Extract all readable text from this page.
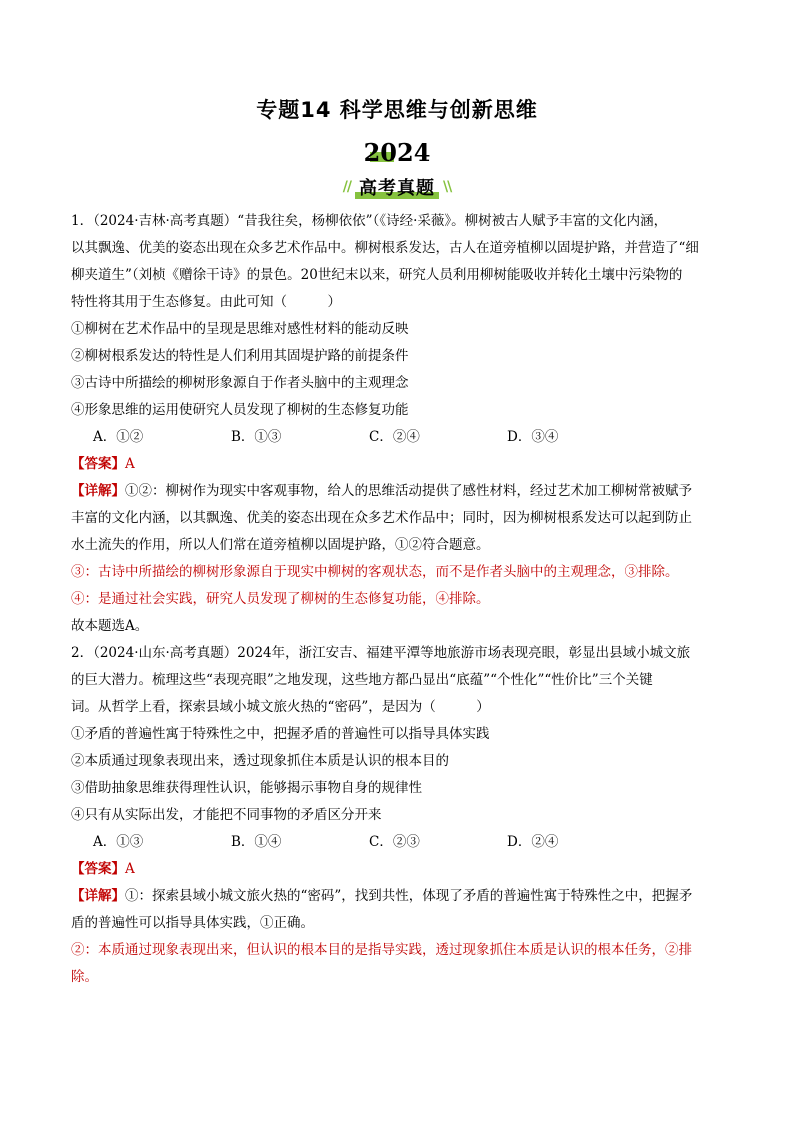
专题14 科学思维与创新思维
2024
// 高考真题 \\
1．（2024·吉林·高考真题）“昔我往矣，杨柳依依”（《诗经·采薇》。柳树被古人赋予丰富的文化内涵，
以其飘逸、优美的姿态出现在众多艺术作品中。柳树根系发达，古人在道旁植柳以固堤护路，并营造了“细
柳夹道生”（刘桢《赠徐干诗》的景色。20世纪末以来，研究人员利用柳树能吸收并转化土壤中污染物的
特性将其用于生态修复。由此可知（　　　）
①柳树在艺术作品中的呈现是思维对感性材料的能动反映
②柳树根系发达的特性是人们利用其固堤护路的前提条件
③古诗中所描绘的柳树形象源自于作者头脑中的主观理念
④形象思维的运用使研究人员发现了柳树的生态修复功能
A．①②	B．①③	C．②④	D．③④
【答案】A
【详解】①②：柳树作为现实中客观事物，给人的思维活动提供了感性材料，经过艺术加工柳树常被赋予
丰富的文化内涵，以其飘逸、优美的姿态出现在众多艺术作品中；同时，因为柳树根系发达可以起到防止
水土流失的作用，所以人们常在道旁植柳以固堤护路，①②符合题意。
③：古诗中所描绘的柳树形象源自于现实中柳树的客观状态，而不是作者头脑中的主观理念，③排除。
④：是通过社会实践，研究人员发现了柳树的生态修复功能，④排除。
故本题选A。
2．（2024·山东·高考真题）2024年，浙江安吉、福建平潭等地旅游市场表现亮眼，彰显出县域小城文旅
的巨大潜力。梳理这些“表现亮眼”之地发现，这些地方都凸显出“底蕴”“个性化”“性价比”三个关键
词。从哲学上看，探索县域小城文旅火热的“密码”，是因为（　　　）
①矛盾的普遍性寓于特殊性之中，把握矛盾的普遍性可以指导具体实践
②本质通过现象表现出来，透过现象抓住本质是认识的根本目的
③借助抽象思维获得理性认识，能够揭示事物自身的规律性
④只有从实际出发，才能把不同事物的矛盾区分开来
A．①③	B．①④	C．②③	D．②④
【答案】A
【详解】①：探索县域小城文旅火热的“密码”，找到共性，体现了矛盾的普遍性寓于特殊性之中，把握矛
盾的普遍性可以指导具体实践，①正确。
②：本质通过现象表现出来，但认识的根本目的是指导实践，透过现象抓住本质是认识的根本任务，②排
除。
